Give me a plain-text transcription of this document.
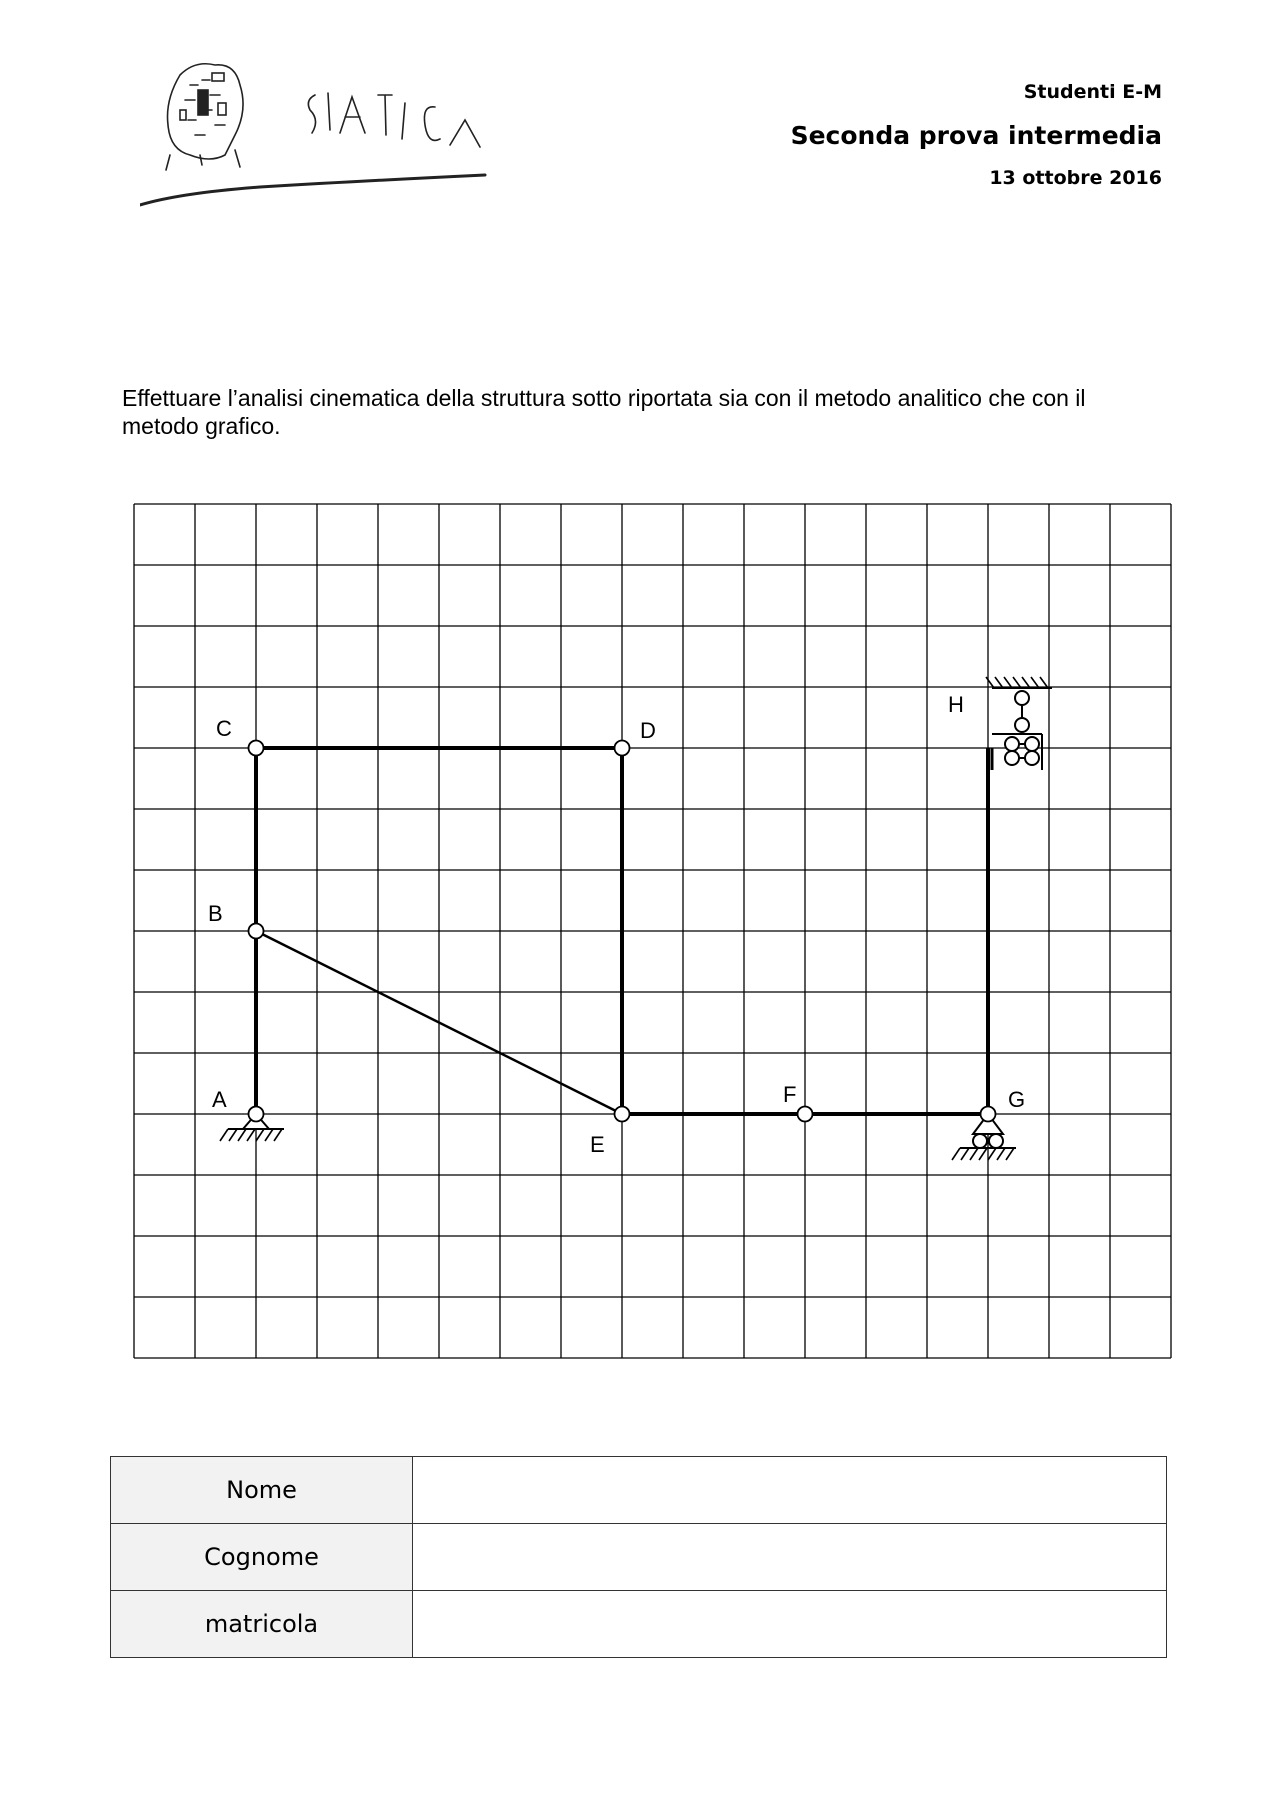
STATICA
Studenti E-M
Seconda prova intermedia
13 ottobre 2016
Effettuare l’analisi cinematica della struttura sotto riportata sia con il metodo analitico che con il metodo grafico.
A
B
C	D
E
F	G
H
Nome	
Cognome	
matricola	
